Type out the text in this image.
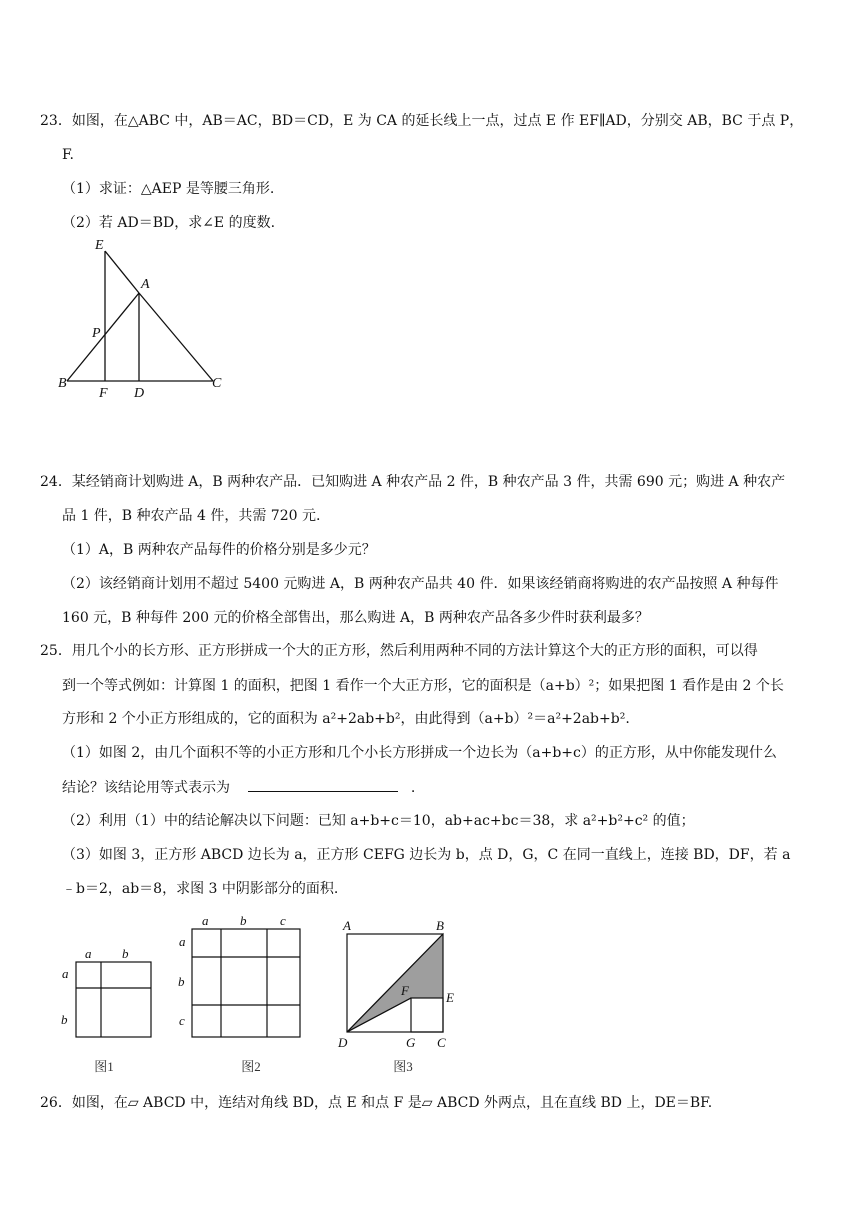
23．如图，在△ABC 中，AB＝AC，BD＝CD，E 为 CA 的延长线上一点，过点 E 作 EF∥AD，分别交 AB，BC 于点 P，
F.
（1）求证：△AEP 是等腰三角形.
（2）若 AD＝BD，求∠E 的度数.
E
A
P
B
F D
C
24．某经销商计划购进 A，B 两种农产品．已知购进 A 种农产品 2 件，B 种农产品 3 件，共需 690 元；购进 A 种农产
品 1 件，B 种农产品 4 件，共需 720 元.
（1）A，B 两种农产品每件的价格分别是多少元？
（2）该经销商计划用不超过 5400 元购进 A，B 两种农产品共 40 件．如果该经销商将购进的农产品按照 A 种每件
160 元，B 种每件 200 元的价格全部售出，那么购进 A，B 两种农产品各多少件时获利最多？
25．用几个小的长方形、正方形拼成一个大的正方形，然后利用两种不同的方法计算这个大的正方形的面积，可以得
到一个等式例如：计算图 1 的面积，把图 1 看作一个大正方形，它的面积是（a+b）²；如果把图 1 看作是由 2 个长
方形和 2 个小正方形组成的，它的面积为 a²+2ab+b²，由此得到（a+b）²＝a²+2ab+b².
（1）如图 2，由几个面积不等的小正方形和几个小长方形拼成一个边长为（a+b+c）的正方形，从中你能发现什么
结论？该结论用等式表示为	.
（2）利用（1）中的结论解决以下问题：已知 a+b+c＝10，ab+ac+bc＝38，求 a²+b²+c² 的值；
（3）如图 3，正方形 ABCD 边长为 a，正方形 CEFG 边长为 b，点 D，G，C 在同一直线上，连接 BD，DF，若 a
﹣b＝2，ab＝8，求图 3 中阴影部分的面积.
a b
a
b
图1
a b	c
a
b
c
图2
A	B
E
F
D	G C
图3
26．如图，在▱ ABCD 中，连结对角线 BD，点 E 和点 F 是▱ ABCD 外两点，且在直线 BD 上，DE＝BF.
